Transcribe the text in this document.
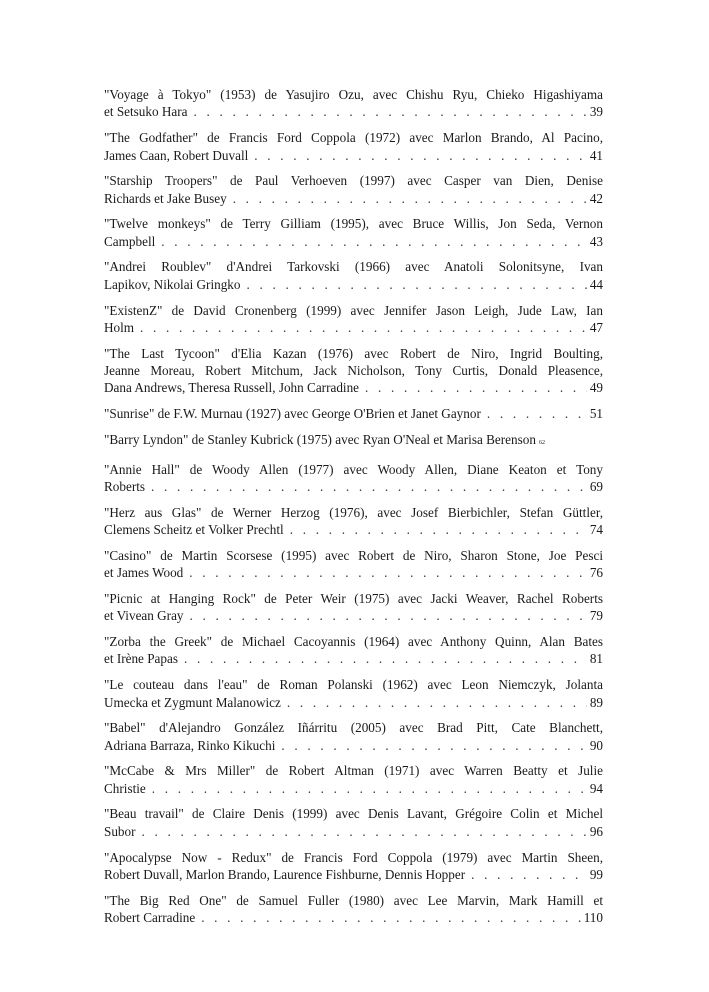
"Voyage à Tokyo" (1953) de Yasujiro Ozu, avec Chishu Ryu, Chieko Higashiyama
et Setsuko Hara . . .	39
"The Godfather" de Francis Ford Coppola (1972) avec Marlon Brando, Al Pacino,
James Caan, Robert Duvall . . .	41
"Starship Troopers" de Paul Verhoeven (1997) avec Casper van Dien, Denise
Richards et Jake Busey . . .	42
"Twelve monkeys" de Terry Gilliam (1995), avec Bruce Willis, Jon Seda, Vernon
Campbell . . .	43
"Andrei Roublev" d'Andrei Tarkovski (1966) avec Anatoli Solonitsyne, Ivan
Lapikov, Nikolai Gringko . . .	44
"ExistenZ" de David Cronenberg (1999) avec Jennifer Jason Leigh, Jude Law, Ian
Holm . . .	47
"The Last Tycoon" d'Elia Kazan (1976) avec Robert de Niro, Ingrid Boulting,
Jeanne Moreau, Robert Mitchum, Jack Nicholson, Tony Curtis, Donald Pleasence,
Dana Andrews, Theresa Russell, John Carradine . . .	49
"Sunrise" de F.W. Murnau (1927) avec George O'Brien et Janet Gaynor . . .	51
"Barry Lyndon" de Stanley Kubrick (1975) avec Ryan O'Neal et Marisa Berenson 62
"Annie Hall" de Woody Allen (1977) avec Woody Allen, Diane Keaton et Tony
Roberts . . .	69
"Herz aus Glas" de Werner Herzog (1976), avec Josef Bierbichler, Stefan Güttler,
Clemens Scheitz et Volker Prechtl . . .	74
"Casino" de Martin Scorsese (1995) avec Robert de Niro, Sharon Stone, Joe Pesci
et James Wood . . .	76
"Picnic at Hanging Rock" de Peter Weir (1975) avec Jacki Weaver, Rachel Roberts
et Vivean Gray . . .	79
"Zorba the Greek" de Michael Cacoyannis (1964) avec Anthony Quinn, Alan Bates
et Irène Papas . . .	81
"Le couteau dans l'eau" de Roman Polanski (1962) avec Leon Niemczyk, Jolanta
Umecka et Zygmunt Malanowicz . . .	89
"Babel" d'Alejandro González Iñárritu (2005) avec Brad Pitt, Cate Blanchett,
Adriana Barraza, Rinko Kikuchi . . .	90
"McCabe & Mrs Miller" de Robert Altman (1971) avec Warren Beatty et Julie
Christie . . .	94
"Beau travail" de Claire Denis (1999) avec Denis Lavant, Grégoire Colin et Michel
Subor . . .	96
"Apocalypse Now - Redux" de Francis Ford Coppola (1979) avec Martin Sheen,
Robert Duvall, Marlon Brando, Laurence Fishburne, Dennis Hopper . . .	99
"The Big Red One" de Samuel Fuller (1980) avec Lee Marvin, Mark Hamill et
Robert Carradine . . .	110
